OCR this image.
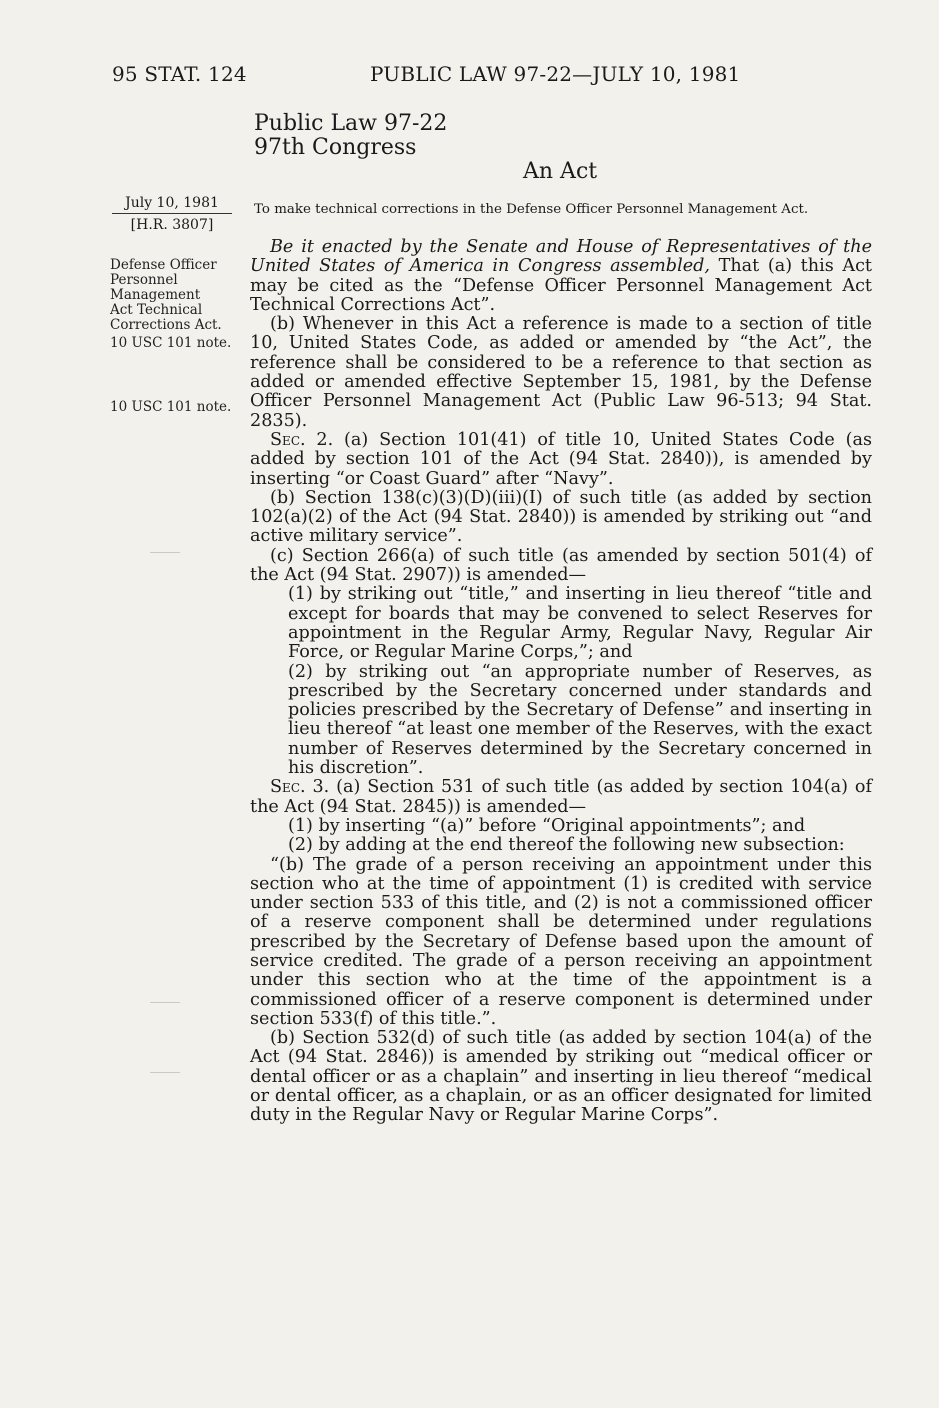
95 STAT. 124	PUBLIC LAW 97-22—JULY 10, 1981
Public Law 97-22
97th Congress
An Act
July 10, 1981
[H.R. 3807]
To make technical corrections in the Defense Officer Personnel Management Act.
Defense Officer
Personnel
Management
Act Technical
Corrections Act.
10 USC 101 note.
10 USC 101 note.

Be it enacted by the Senate and House of Representatives of the United States of America in Congress assembled, That (a) this Act may be cited as the “Defense Officer Personnel Management Act Technical Corrections Act”.

(b) Whenever in this Act a reference is made to a section of title 10, United States Code, as added or amended by “the Act”, the reference shall be considered to be a reference to that section as added or amended effective September 15, 1981, by the Defense Officer Personnel Management Act (Public Law 96-513; 94 Stat. 2835).

Sec. 2. (a) Section 101(41) of title 10, United States Code (as added by section 101 of the Act (94 Stat. 2840)), is amended by inserting “or Coast Guard” after “Navy”.

(b) Section 138(c)(3)(D)(iii)(I) of such title (as added by section 102(a)(2) of the Act (94 Stat. 2840)) is amended by striking out “and active military service”.

(c) Section 266(a) of such title (as amended by section 501(4) of the Act (94 Stat. 2907)) is amended—

(1) by striking out “title,” and inserting in lieu thereof “title and except for boards that may be convened to select Reserves for appointment in the Regular Army, Regular Navy, Regular Air Force, or Regular Marine Corps,”; and

(2) by striking out “an appropriate number of Reserves, as prescribed by the Secretary concerned under standards and policies prescribed by the Secretary of Defense” and inserting in lieu thereof “at least one member of the Reserves, with the exact number of Reserves determined by the Secretary concerned in his discretion”.

Sec. 3. (a) Section 531 of such title (as added by section 104(a) of the Act (94 Stat. 2845)) is amended—

(1) by inserting “(a)” before “Original appointments”; and

(2) by adding at the end thereof the following new subsection:

“(b) The grade of a person receiving an appointment under this section who at the time of appointment (1) is credited with service under section 533 of this title, and (2) is not a commissioned officer of a reserve component shall be determined under regulations prescribed by the Secretary of Defense based upon the amount of service credited. The grade of a person receiving an appointment under this section who at the time of the appointment is a commissioned officer of a reserve component is determined under section 533(f) of this title.”.

(b) Section 532(d) of such title (as added by section 104(a) of the Act (94 Stat. 2846)) is amended by striking out “medical officer or dental officer or as a chaplain” and inserting in lieu thereof “medical or dental officer, as a chaplain, or as an officer designated for limited duty in the Regular Navy or Regular Marine Corps”.
